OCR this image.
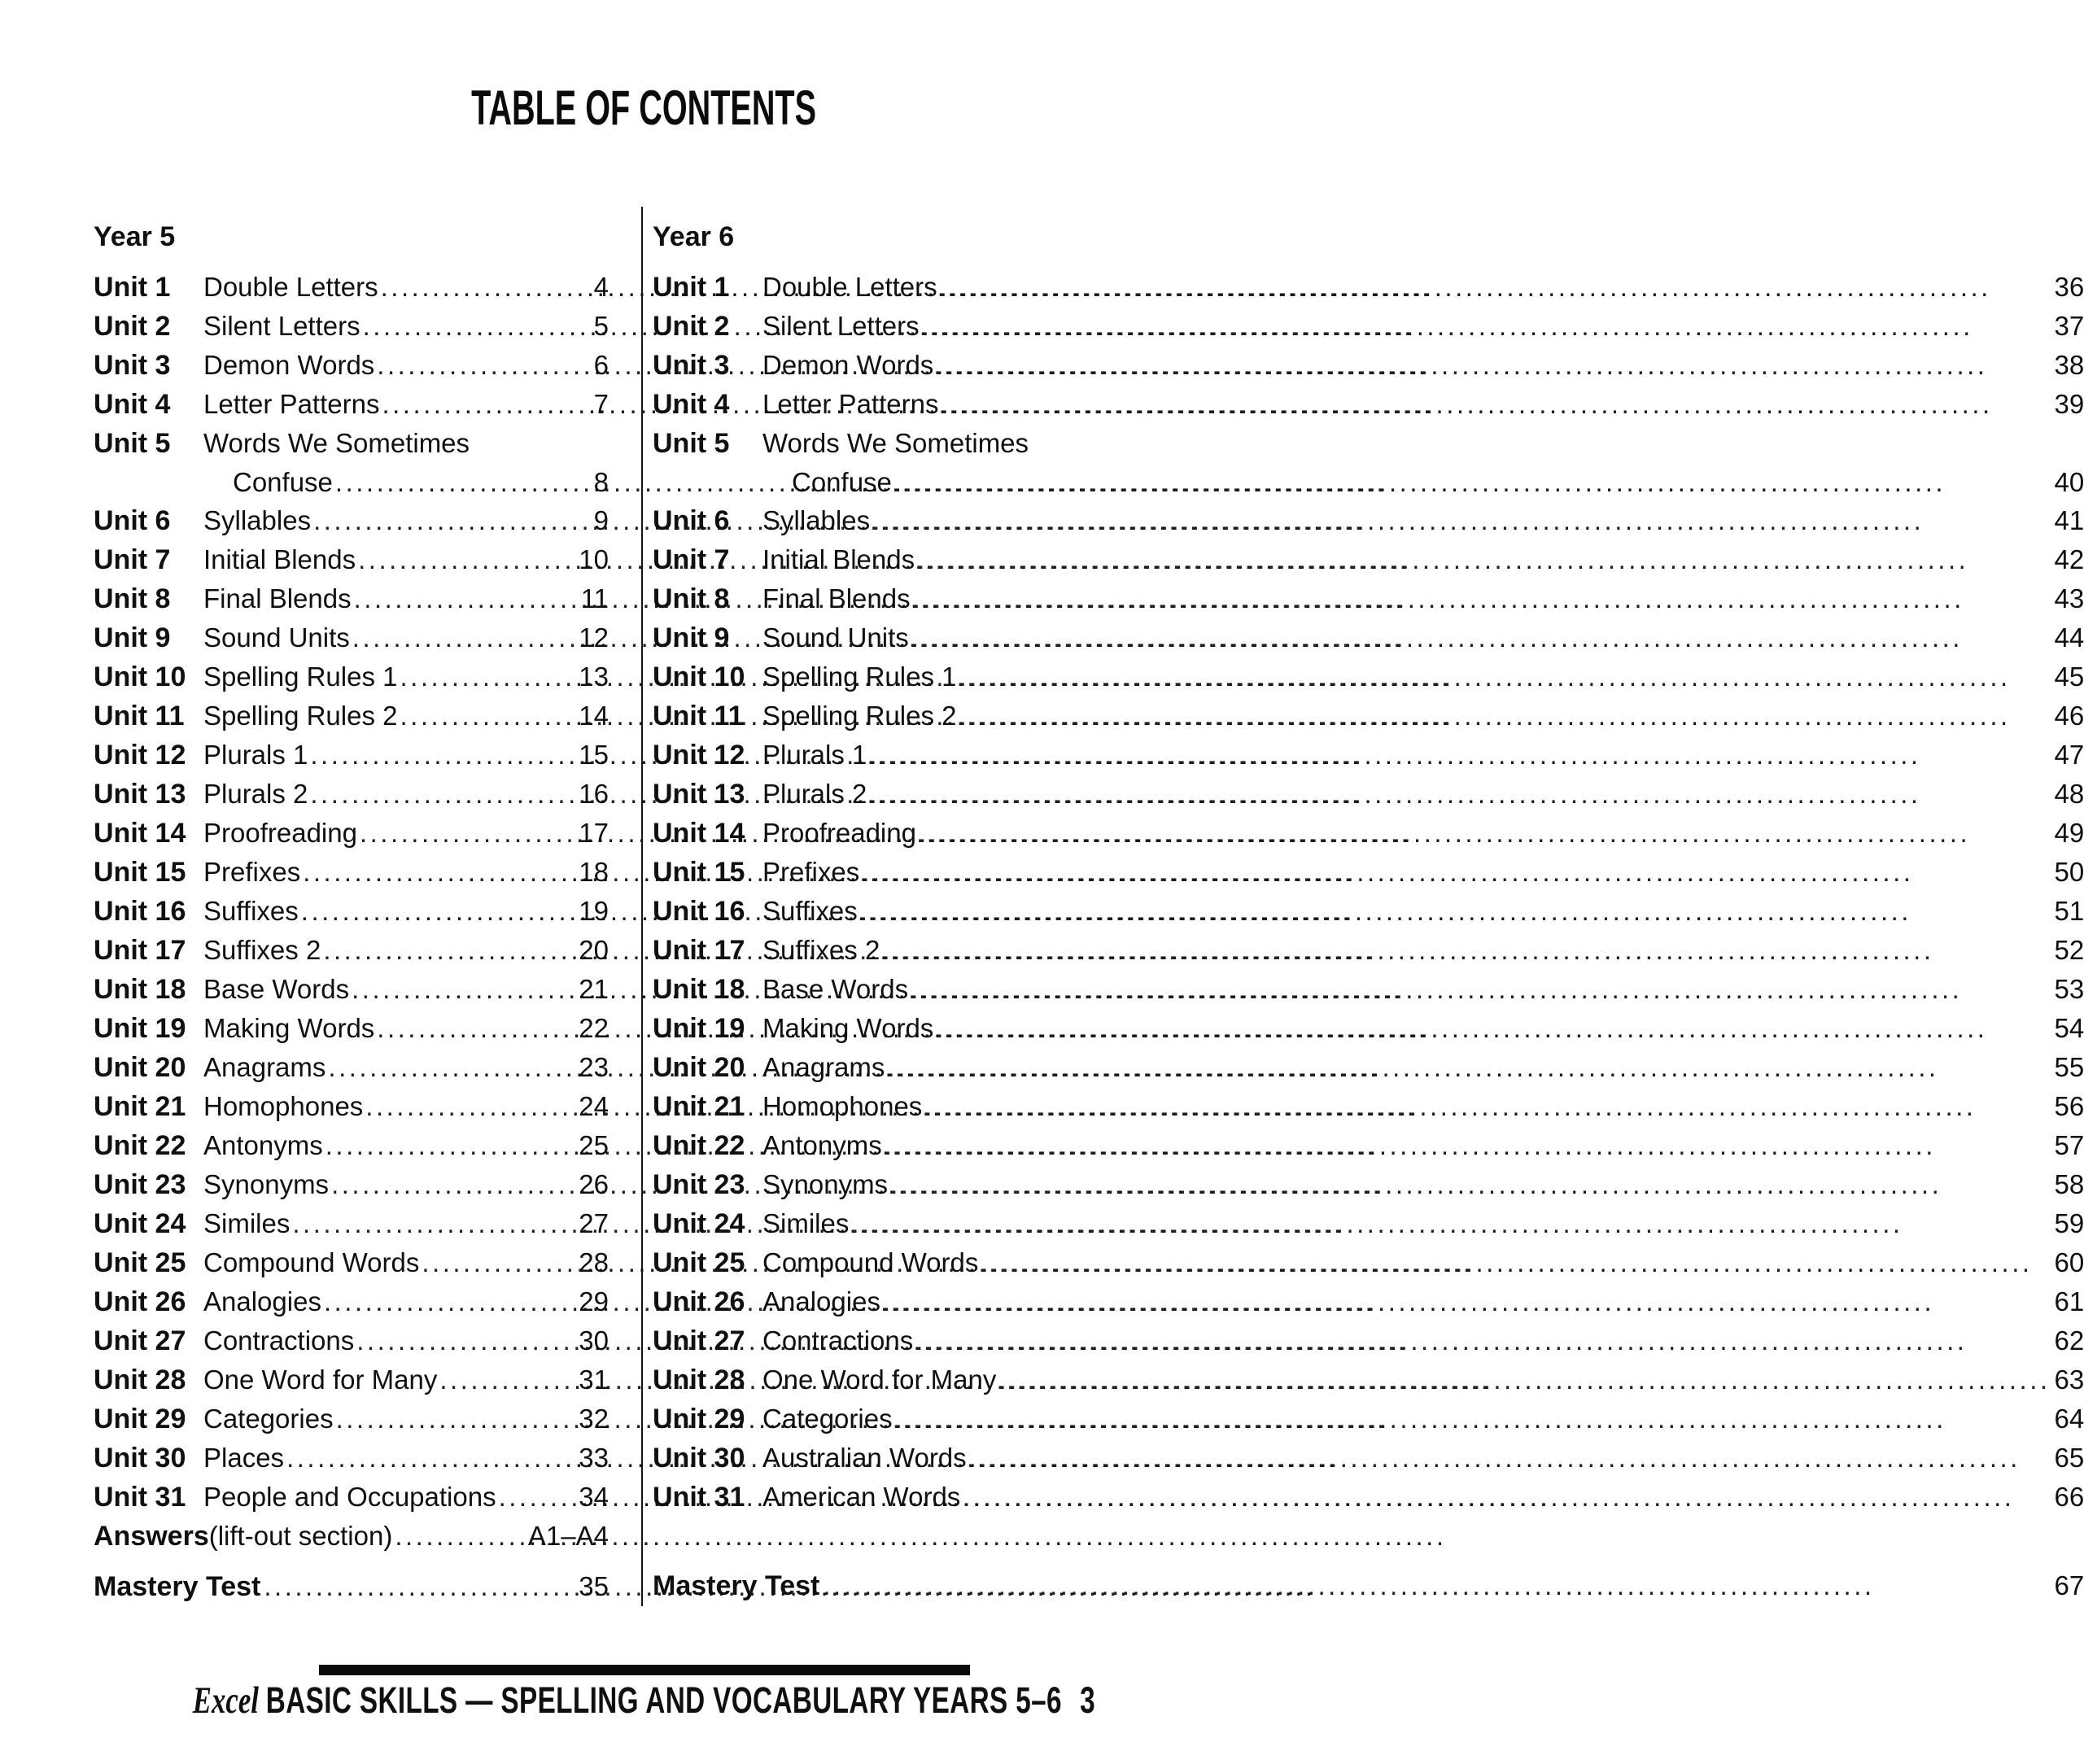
TABLE OF CONTENTS
Year 5
Unit 1	Double Letters .....	4
Unit 2	Silent Letters .....	5
Unit 3	Demon Words .....	6
Unit 4	Letter Patterns .....	7
Unit 5	Words We Sometimes
Confuse .....	8
Unit 6	Syllables .....	9
Unit 7	Initial Blends .....	10
Unit 8	Final Blends .....	11
Unit 9	Sound Units .....	12
Unit 10 Spelling Rules 1 .....	13
Unit 11 Spelling Rules 2 .....	14
Unit 12 Plurals 1 .....	15
Unit 13 Plurals 2 .....	16
Unit 14 Proofreading .....	17
Unit 15 Prefixes .....	18
Unit 16 Suffixes .....	19
Unit 17 Suffixes 2 .....	20
Unit 18 Base Words .....	21
Unit 19 Making Words .....	22
Unit 20 Anagrams .....	23
Unit 21 Homophones .....	24
Unit 22 Antonyms .....	25
Unit 23 Synonyms .....	26
Unit 24 Similes .....	27
Unit 25 Compound Words .....	28
Unit 26 Analogies .....	29
Unit 27 Contractions .....	30
Unit 28 One Word for Many .....	31
Unit 29 Categories .....	32
Unit 30 Places .....	33
Unit 31 People and Occupations .....	34
Answers (lift-out section) .....	A1–A4
Mastery Test .....	35
Year 6
Unit 1	Double Letters .....	36
Unit 2	Silent Letters .....	37
Unit 3	Demon Words .....	38
Unit 4	Letter Patterns .....	39
Unit 5	Words We Sometimes
Confuse .....	40
Unit 6	Syllables .....	41
Unit 7	Initial Blends .....	42
Unit 8	Final Blends .....	43
Unit 9	Sound Units .....	44
Unit 10 Spelling Rules 1 .....	45
Unit 11 Spelling Rules 2 .....	46
Unit 12 Plurals 1 .....	47
Unit 13 Plurals 2 .....	48
Unit 14 Proofreading .....	49
Unit 15 Prefixes .....	50
Unit 16 Suffixes .....	51
Unit 17 Suffixes 2 .....	52
Unit 18 Base Words .....	53
Unit 19 Making Words .....	54
Unit 20 Anagrams .....	55
Unit 21 Homophones .....	56
Unit 22 Antonyms .....	57
Unit 23 Synonyms .....	58
Unit 24 Similes .....	59
Unit 25 Compound Words .....	60
Unit 26 Analogies .....	61
Unit 27 Contractions .....	62
Unit 28 One Word for Many .....	63
Unit 29 Categories .....	64
Unit 30 Australian Words .....	65
Unit 31 American Words .....	66
Mastery Test .....	67
Excel BASIC SKILLS — SPELLING AND VOCABULARY YEARS 5–6 3
